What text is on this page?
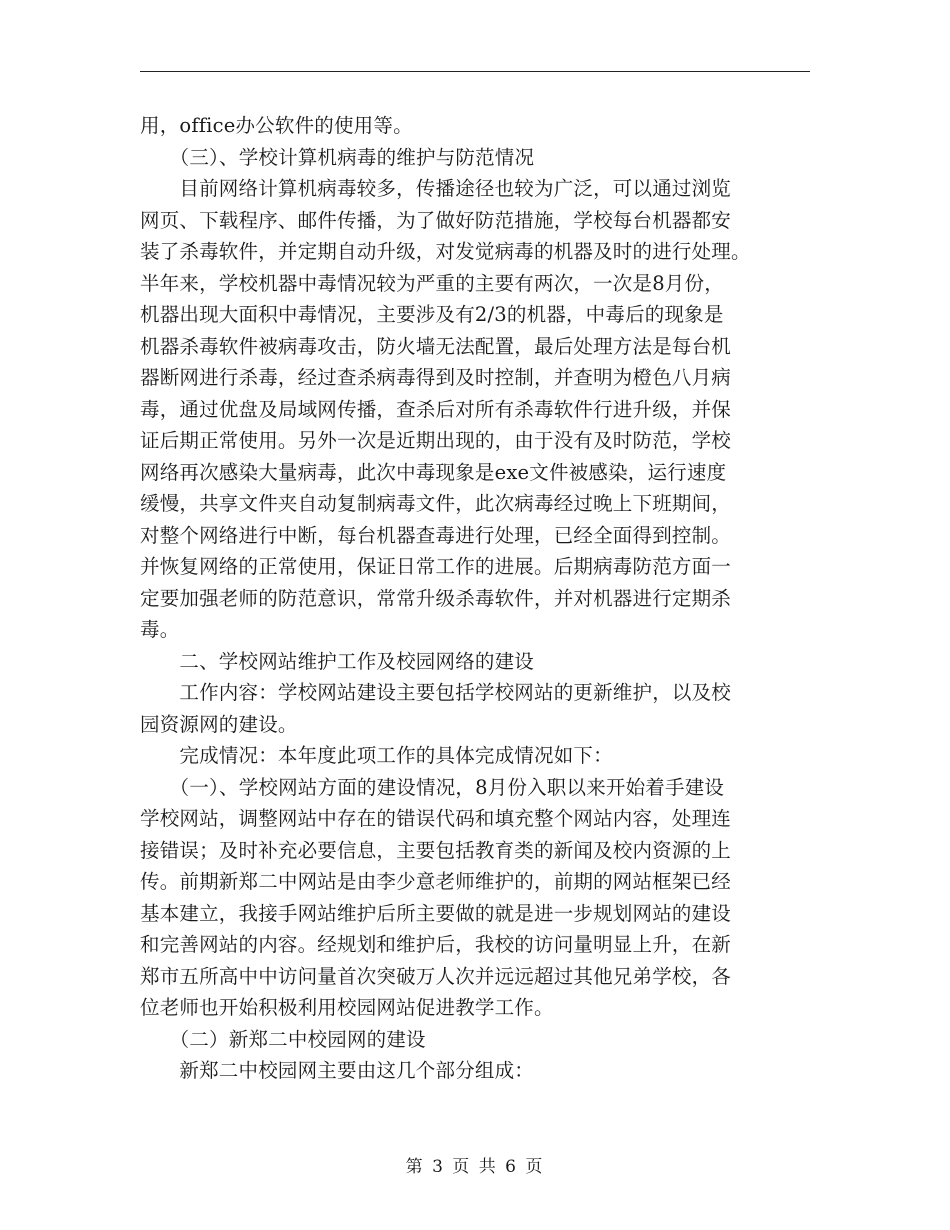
用，office办公软件的使用等。
　　（三）、学校计算机病毒的维护与防范情况
　　目前网络计算机病毒较多，传播途径也较为广泛，可以通过浏览
网页、下载程序、邮件传播，为了做好防范措施，学校每台机器都安
装了杀毒软件，并定期自动升级，对发觉病毒的机器及时的进行处理。
半年来，学校机器中毒情况较为严重的主要有两次，一次是8月份，
机器出现大面积中毒情况，主要涉及有2/3的机器，中毒后的现象是
机器杀毒软件被病毒攻击，防火墙无法配置，最后处理方法是每台机
器断网进行杀毒，经过查杀病毒得到及时控制，并查明为橙色八月病
毒，通过优盘及局域网传播，查杀后对所有杀毒软件行进升级，并保
证后期正常使用。另外一次是近期出现的，由于没有及时防范，学校
网络再次感染大量病毒，此次中毒现象是exe文件被感染，运行速度
缓慢，共享文件夹自动复制病毒文件，此次病毒经过晚上下班期间，
对整个网络进行中断，每台机器查毒进行处理，已经全面得到控制。
并恢复网络的正常使用，保证日常工作的进展。后期病毒防范方面一
定要加强老师的防范意识，常常升级杀毒软件，并对机器进行定期杀
毒。
　　二、学校网站维护工作及校园网络的建设
　　工作内容：学校网站建设主要包括学校网站的更新维护，以及校
园资源网的建设。
　　完成情况：本年度此项工作的具体完成情况如下：
　　（一）、学校网站方面的建设情况，8月份入职以来开始着手建设
学校网站，调整网站中存在的错误代码和填充整个网站内容，处理连
接错误；及时补充必要信息，主要包括教育类的新闻及校内资源的上
传。前期新郑二中网站是由李少意老师维护的，前期的网站框架已经
基本建立，我接手网站维护后所主要做的就是进一步规划网站的建设
和完善网站的内容。经规划和维护后，我校的访问量明显上升，在新
郑市五所高中中访问量首次突破万人次并远远超过其他兄弟学校，各
位老师也开始积极利用校园网站促进教学工作。
　　（二）新郑二中校园网的建设
　　新郑二中校园网主要由这几个部分组成：
第 3 页 共 6 页
